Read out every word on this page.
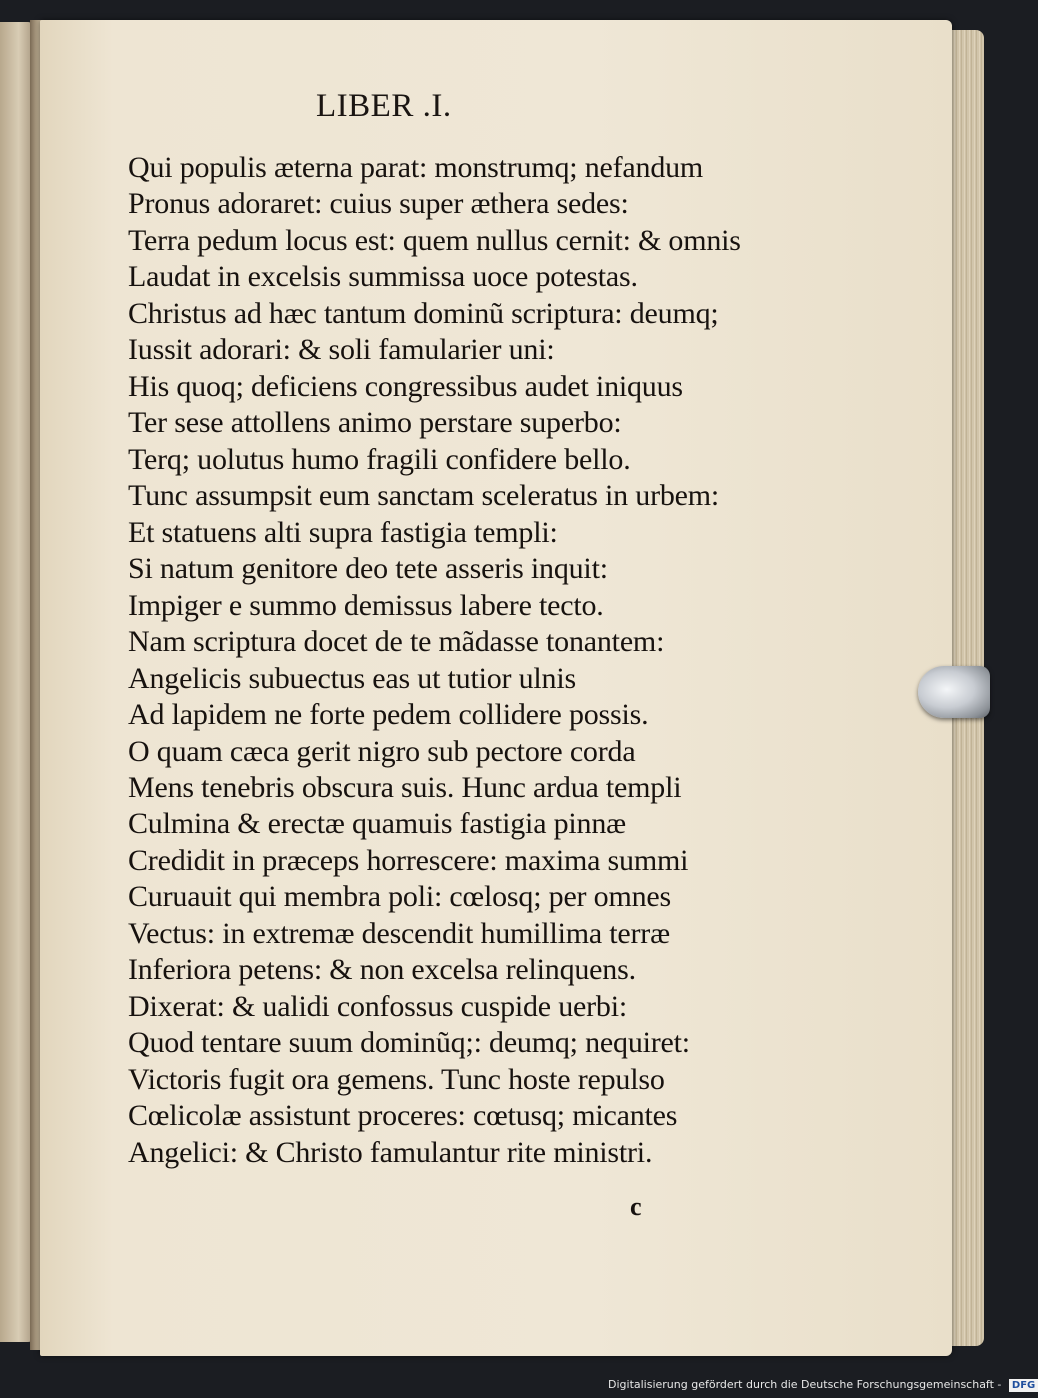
LIBER .I.
Qui populis æterna parat: monstrumq; nefandum
Pronus adoraret: cuius super æthera sedes:
Terra pedum locus est: quem nullus cernit: & omnis
Laudat in excelsis summissa uoce potestas.
Christus ad hæc tantum dominũ scriptura: deumq;
Iussit adorari: & soli famularier uni:
His quoq; deficiens congressibus audet iniquus
Ter sese attollens animo perstare superbo:
Terq; uolutus humo fragili confidere bello.
Tunc assumpsit eum sanctam sceleratus in urbem:
Et statuens alti supra fastigia templi:
Si natum genitore deo tete asseris inquit:
Impiger e summo demissus labere tecto.
Nam scriptura docet de te mãdasse tonantem:
Angelicis subuectus eas ut tutior ulnis
Ad lapidem ne forte pedem collidere possis.
O quam cæca gerit nigro sub pectore corda
Mens tenebris obscura suis. Hunc ardua templi
Culmina & erectæ quamuis fastigia pinnæ
Credidit in præceps horrescere: maxima summi
Curuauit qui membra poli: cœlosq; per omnes
Vectus: in extremæ descendit humillima terræ
Inferiora petens: & non excelsa relinquens.
Dixerat: & ualidi confossus cuspide uerbi:
Quod tentare suum dominũq;: deumq; nequiret:
Victoris fugit ora gemens. Tunc hoste repulso
Cœlicolæ assistunt proceres: cœtusq; micantes
Angelici: & Christo famulantur rite ministri.
c
Digitalisierung gefördert durch die Deutsche Forschungsgemeinschaft - DFG
